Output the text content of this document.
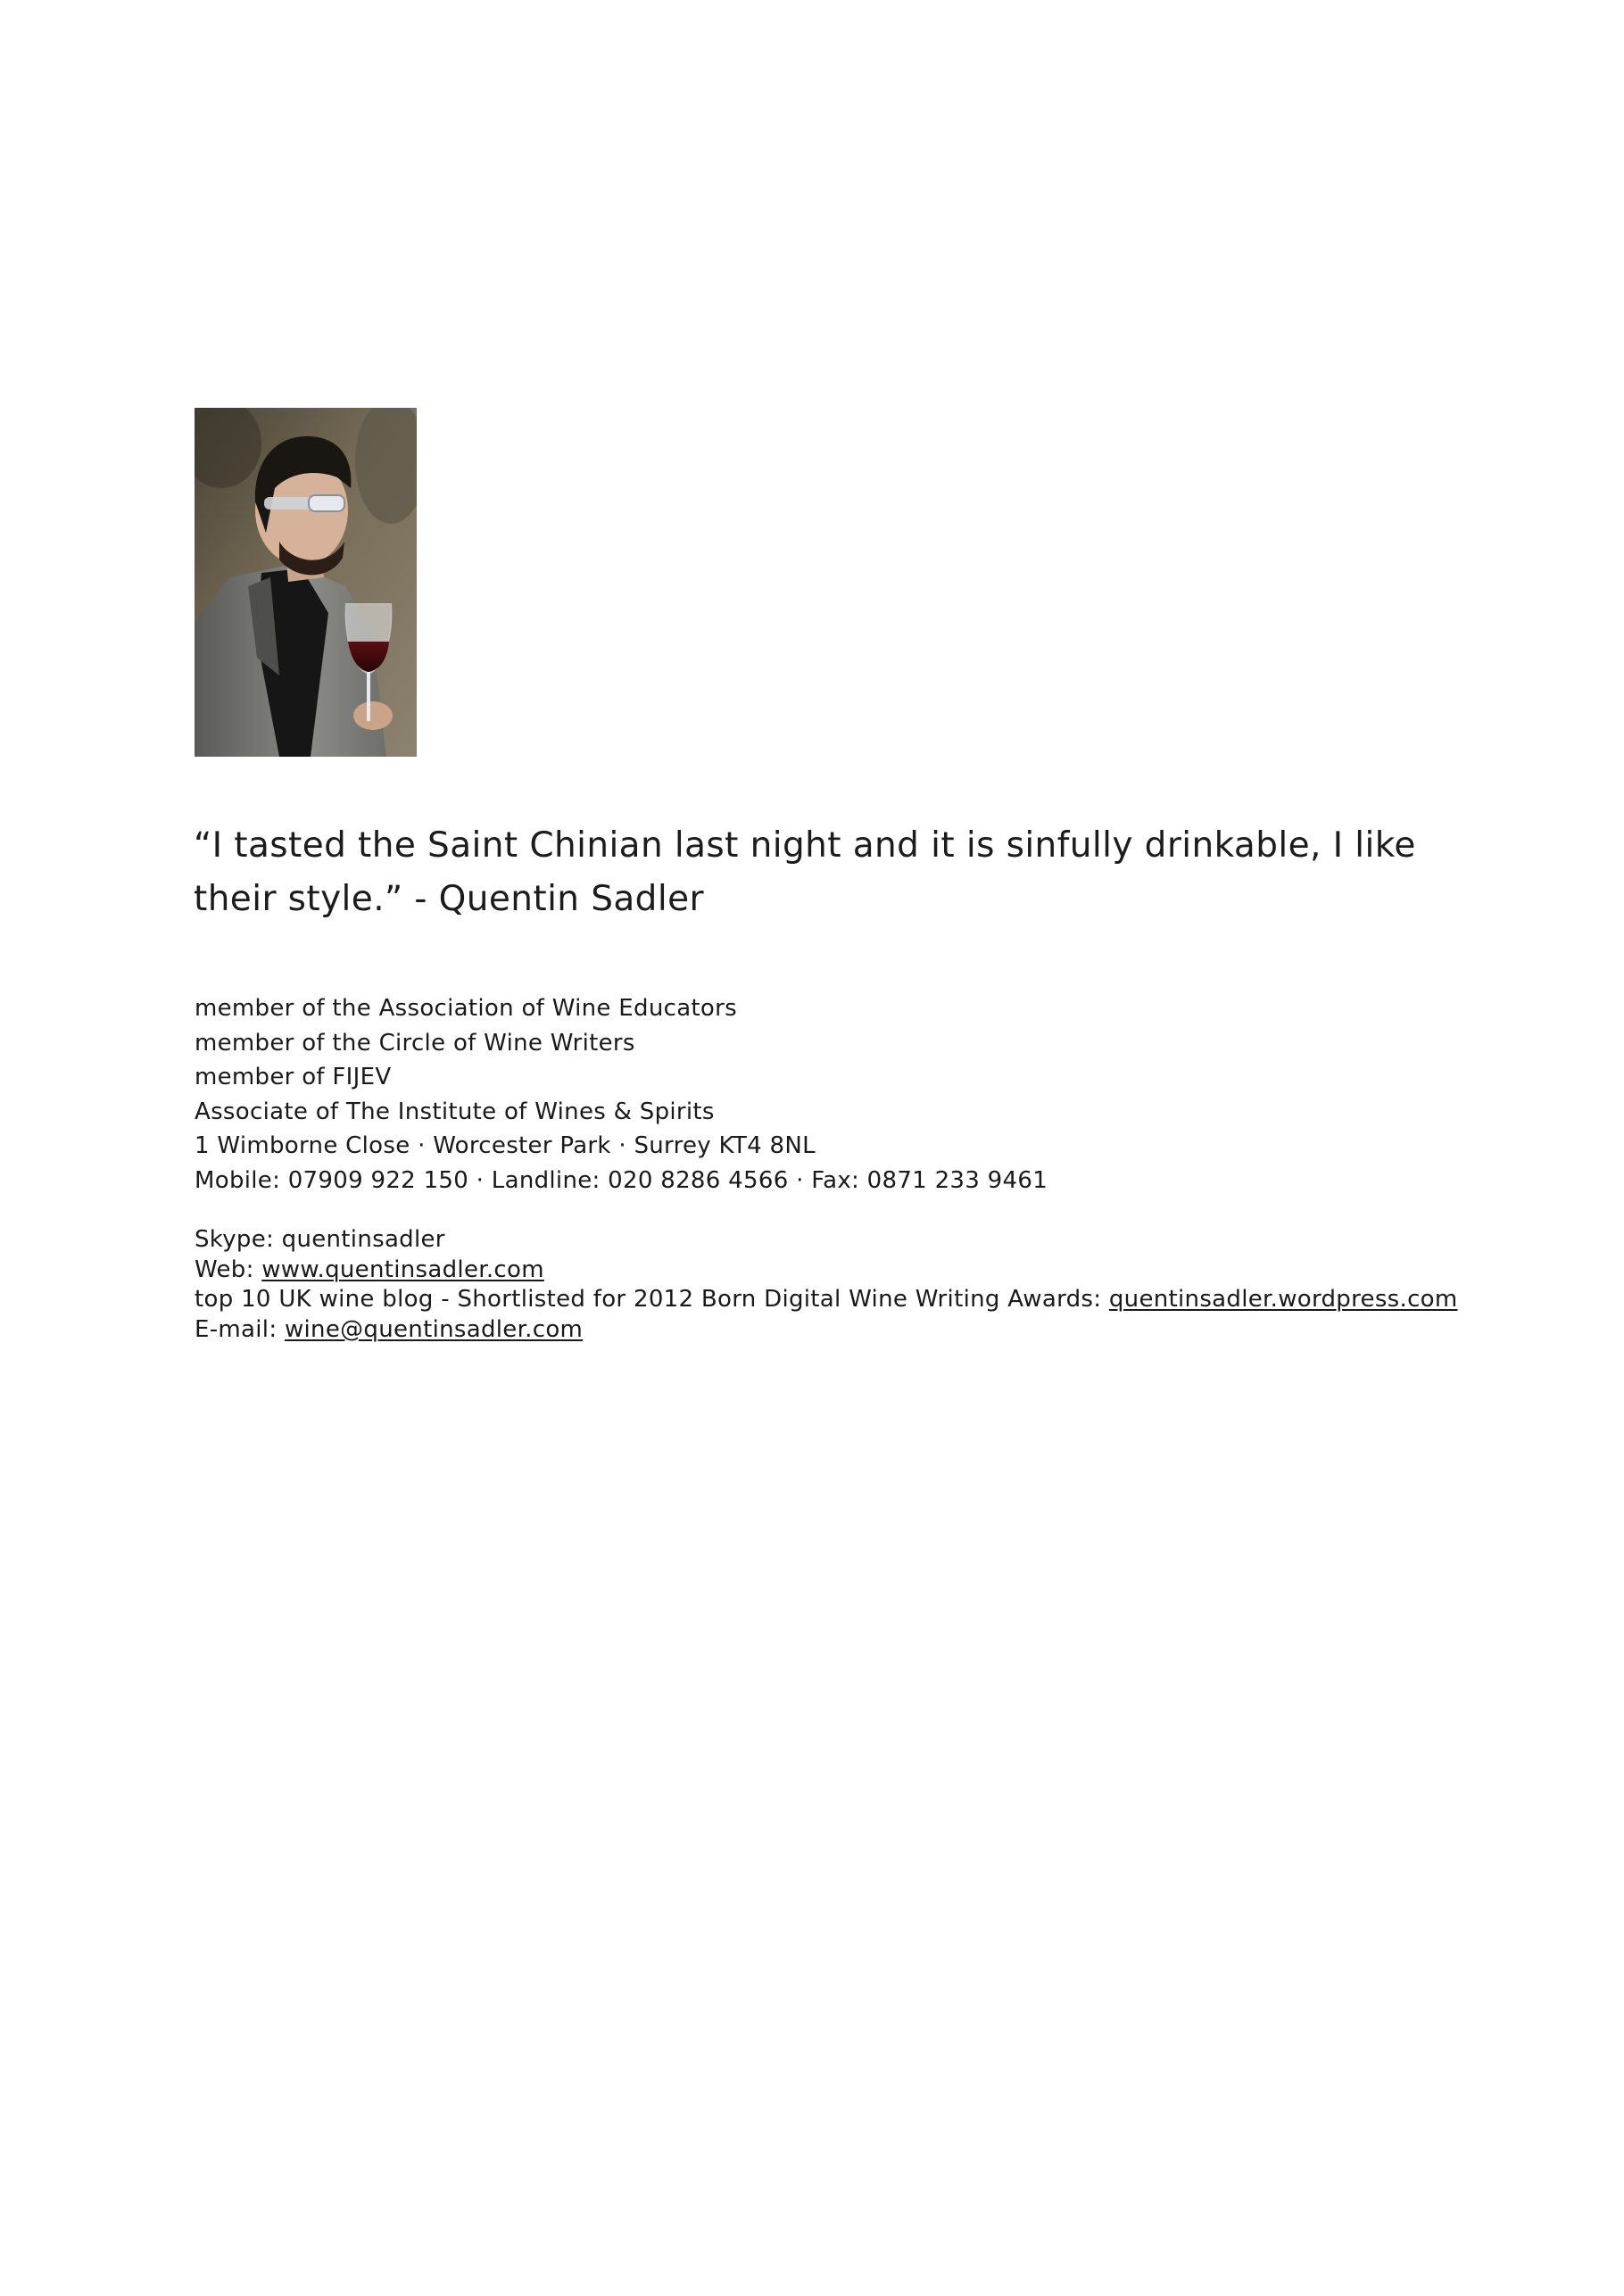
“I tasted the Saint Chinian last night and it is sinfully drinkable, I like their style.” - Quentin Sadler

member of the Association of Wine Educators
member of the Circle of Wine Writers
member of FIJEV
Associate of The Institute of Wines & Spirits
1 Wimborne Close · Worcester Park · Surrey KT4 8NL
Mobile: 07909 922 150 · Landline: 020 8286 4566 · Fax: 0871 233 9461
Skype: quentinsadler
Web: www.quentinsadler.com
top 10 UK wine blog - Shortlisted for 2012 Born Digital Wine Writing Awards: quentinsadler.wordpress.com
E-mail: wine@quentinsadler.com
